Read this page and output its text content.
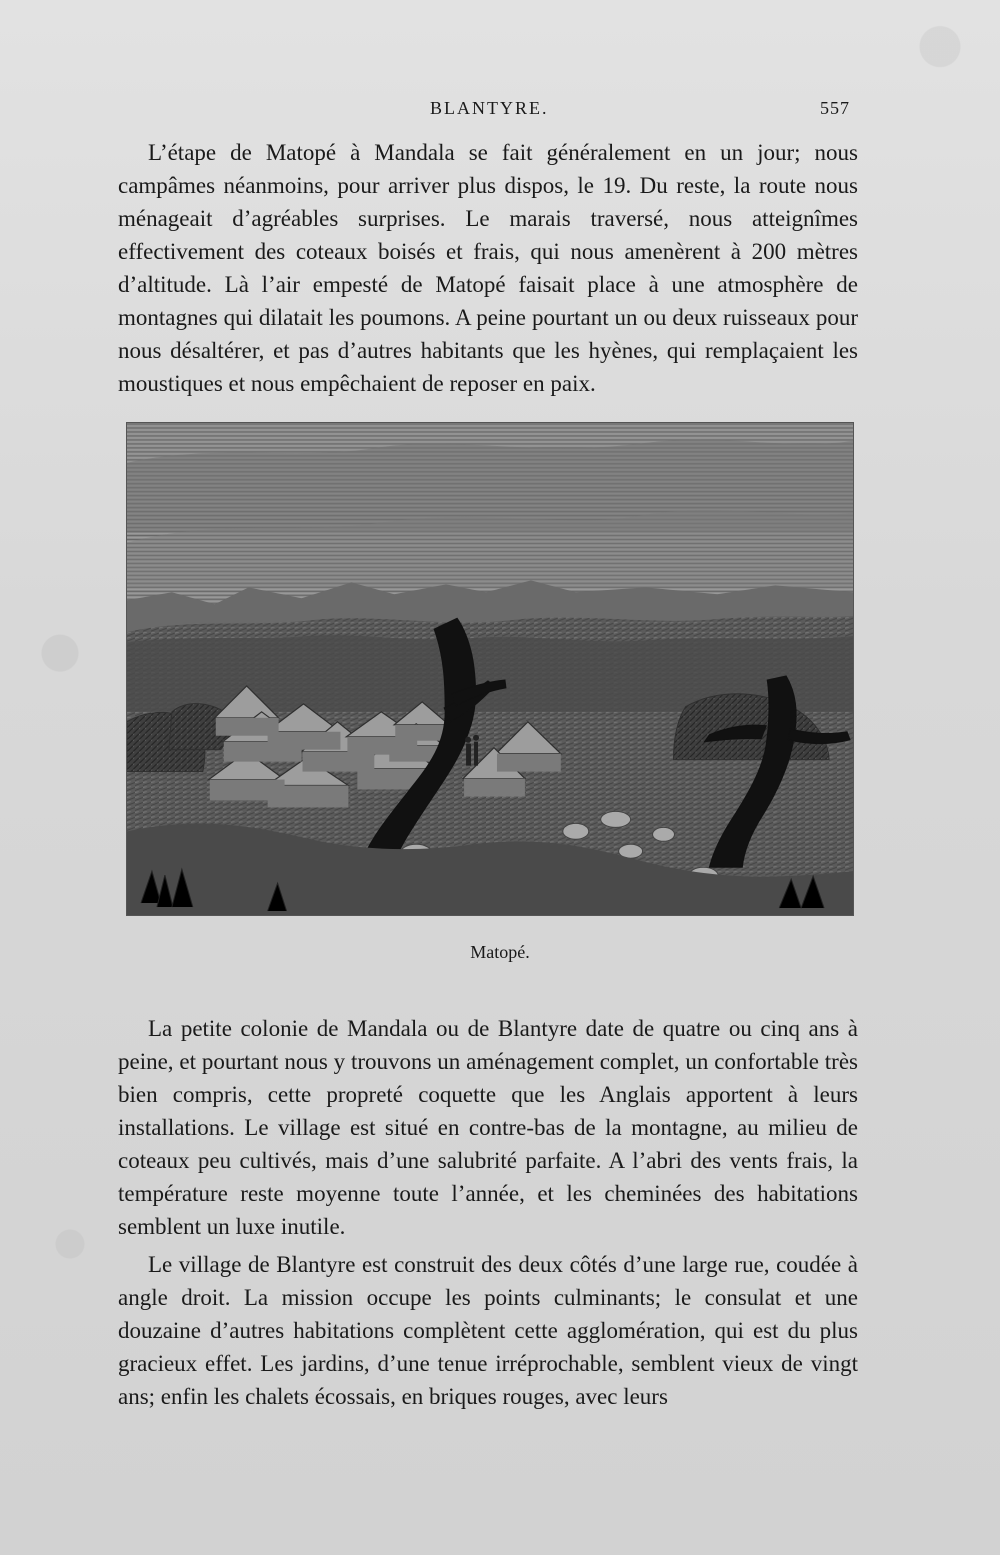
BLANTYRE.	557

L’étape de Matopé à Mandala se fait généralement en un jour; nous campâmes néanmoins, pour arriver plus dispos, le 19. Du reste, la route nous ménageait d’agréables surprises. Le marais traversé, nous atteignîmes effectivement des coteaux boisés et frais, qui nous amenèrent à 200 mètres d’altitude. Là l’air empesté de Matopé faisait place à une atmosphère de montagnes qui dilatait les poumons. A peine pourtant un ou deux ruisseaux pour nous désaltérer, et pas d’autres habitants que les hyènes, qui remplaçaient les moustiques et nous empêchaient de reposer en paix.

Matopé.

La petite colonie de Mandala ou de Blantyre date de quatre ou cinq ans à peine, et pourtant nous y trouvons un aménagement complet, un confortable très bien compris, cette propreté coquette que les Anglais apportent à leurs installations. Le village est situé en contre-bas de la montagne, au milieu de coteaux peu cultivés, mais d’une salubrité parfaite. A l’abri des vents frais, la température reste moyenne toute l’année, et les cheminées des habitations semblent un luxe inutile.

Le village de Blantyre est construit des deux côtés d’une large rue, coudée à angle droit. La mission occupe les points culminants; le consulat et une douzaine d’autres habitations complètent cette agglomération, qui est du plus gracieux effet. Les jardins, d’une tenue irréprochable, semblent vieux de vingt ans; enfin les chalets écossais, en briques rouges, avec leurs
